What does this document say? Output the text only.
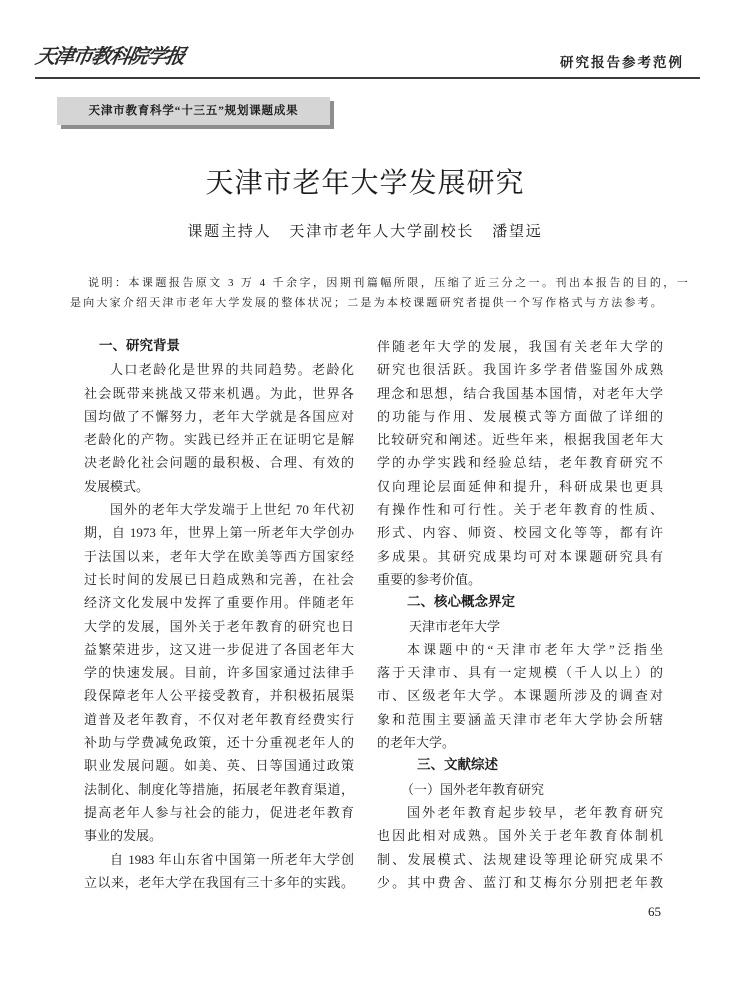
天津市教科院学报	研究报告参考范例
天津市教育科学“十三五”规划课题成果
天津市老年大学发展研究
课题主持人 天津市老年人大学副校长 潘望远
说明：本课题报告原文 3 万 4 千余字，因期刊篇幅所限，压缩了近三分之一。刊出本报告的目的，一
是向大家介绍天津市老年大学发展的整体状况；二是为本校课题研究者提供一个写作格式与方法参考。
一、研究背景
人口老龄化是世界的共同趋势。老龄化
社会既带来挑战又带来机遇。为此，世界各
国均做了不懈努力，老年大学就是各国应对
老龄化的产物。实践已经并正在证明它是解
决老龄化社会问题的最积极、合理、有效的
发展模式。
国外的老年大学发端于上世纪 70 年代初
期，自 1973 年，世界上第一所老年大学创办
于法国以来，老年大学在欧美等西方国家经
过长时间的发展已日趋成熟和完善，在社会
经济文化发展中发挥了重要作用。伴随老年
大学的发展，国外关于老年教育的研究也日
益繁荣进步，这又进一步促进了各国老年大
学的快速发展。目前，许多国家通过法律手
段保障老年人公平接受教育，并积极拓展渠
道普及老年教育，不仅对老年教育经费实行
补助与学费减免政策，还十分重视老年人的
职业发展问题。如美、英、日等国通过政策
法制化、制度化等措施，拓展老年教育渠道，
提高老年人参与社会的能力，促进老年教育
事业的发展。
自 1983 年山东省中国第一所老年大学创
立以来，老年大学在我国有三十多年的实践。
伴随老年大学的发展，我国有关老年大学的
研究也很活跃。我国许多学者借鉴国外成熟
理念和思想，结合我国基本国情，对老年大学
的功能与作用、发展模式等方面做了详细的
比较研究和阐述。近些年来，根据我国老年大
学的办学实践和经验总结，老年教育研究不
仅向理论层面延伸和提升，科研成果也更具
有操作性和可行性。关于老年教育的性质、
形式、内容、师资、校园文化等等，都有许
多成果。其研究成果均可对本课题研究具有
重要的参考价值。
二、核心概念界定
天津市老年大学
本课题中的“天津市老年大学”泛指坐
落于天津市、具有一定规模（千人以上）的
市、区级老年大学。本课题所涉及的调查对
象和范围主要涵盖天津市老年大学协会所辖
的老年大学。
三、文献综述
（一）国外老年教育研究
国外老年教育起步较早，老年教育研究
也因此相对成熟。国外关于老年教育体制机
制、发展模式、法规建设等理论研究成果不
少。其中费舍、蓝汀和艾梅尔分别把老年教
65
